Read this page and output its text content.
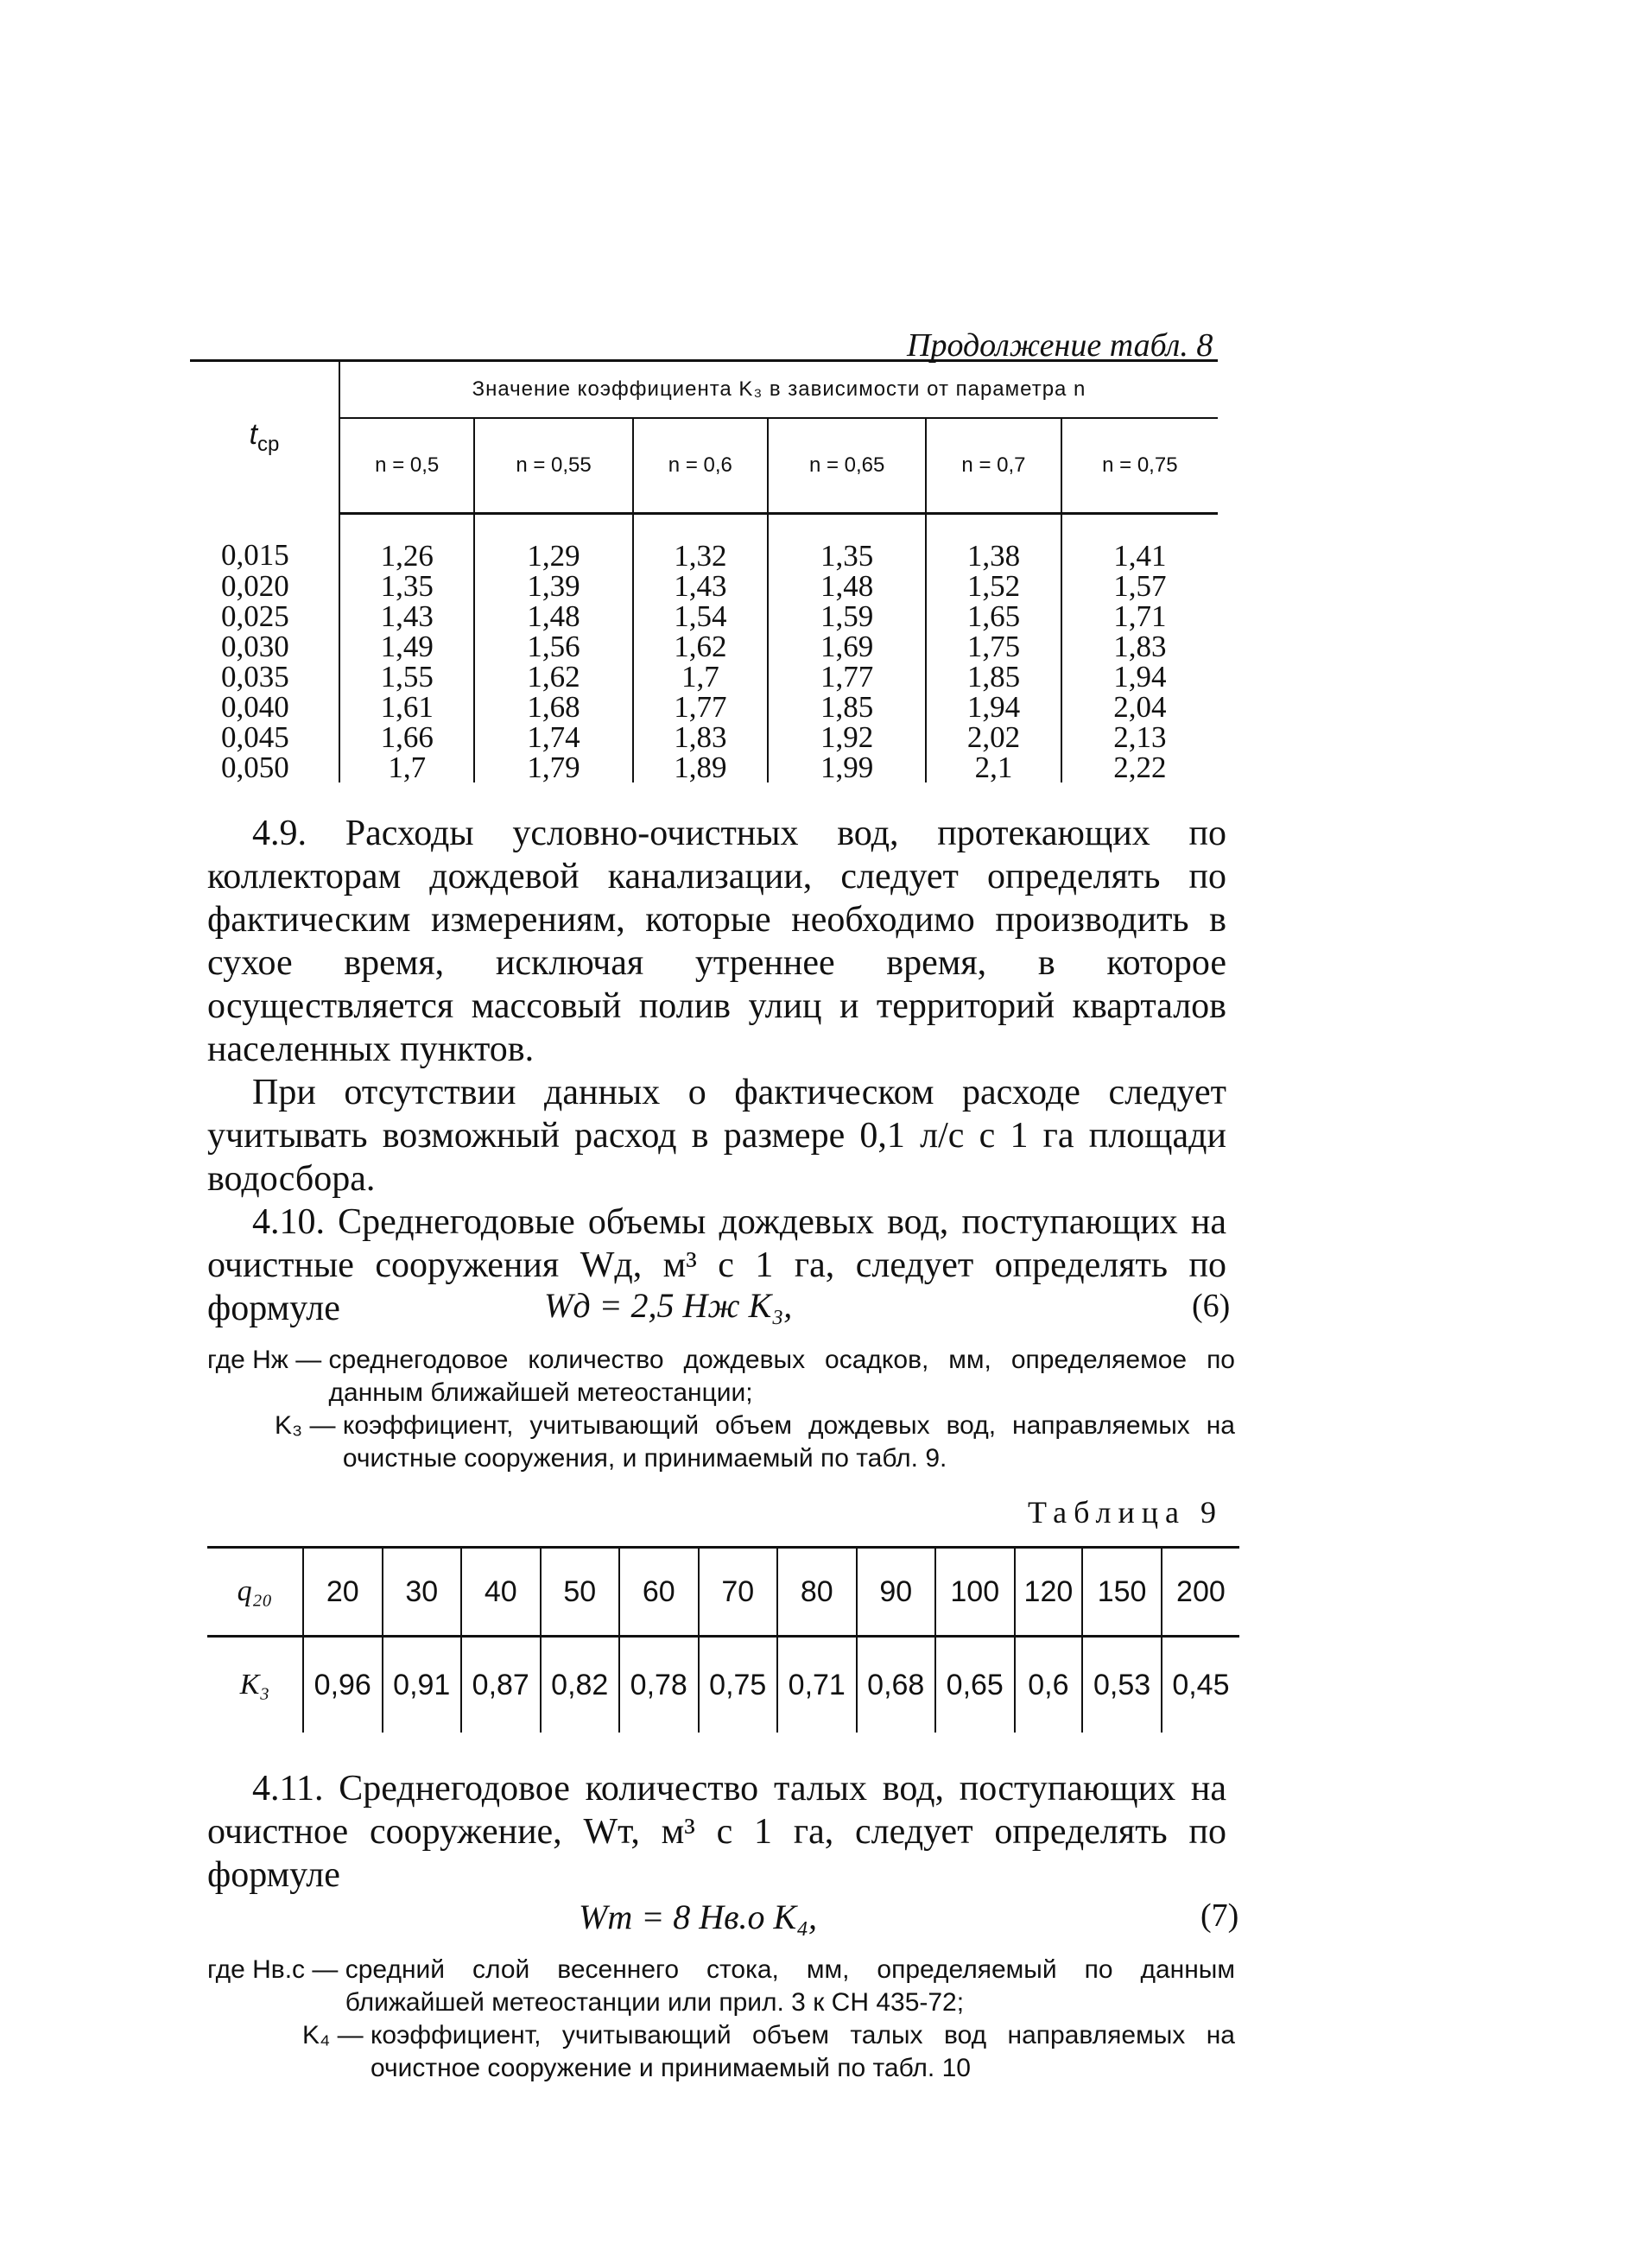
Продолжение табл. 8
$t_{ср}$	Значение коэффициента K₃ в зависимости от параметра n					
	n = 0,5	n = 0,55	n = 0,6	n = 0,65	n = 0,7	n = 0,75
0,015	1,26	1,29	1,32	1,35	1,38	1,41
0,020	1,35	1,39	1,43	1,48	1,52	1,57
0,025	1,43	1,48	1,54	1,59	1,65	1,71
0,030	1,49	1,56	1,62	1,69	1,75	1,83
0,035	1,55	1,62	1,7	1,77	1,85	1,94
0,040	1,61	1,68	1,77	1,85	1,94	2,04
0,045	1,66	1,74	1,83	1,92	2,02	2,13
0,050	1,7	1,79	1,89	1,99	2,1	2,22

4.9. Расходы условно-очистных вод, протекающих по коллекторам дождевой канализации, следует определять по фактическим измерениям, которые необходимо производить в сухое время, исключая утреннее время, в которое осуществляется массовый полив улиц и территорий кварталов населенных пунктов.

При отсутствии данных о фактическом расходе следует учитывать возможный расход в размере 0,1 л/с с 1 га площади водосбора.

4.10. Среднегодовые объемы дождевых вод, поступающих на очистные сооружения Wд, м³ с 1 га, следует определять по формуле	Wд = 2,5 Hж K₃,	(6)
где Hж — среднегодовое количество дождевых осадков, мм, определяемое по данным ближайшей метеостанции;
K₃ — коэффициент, учитывающий объем дождевых вод, направляемых на очистные сооружения, и принимаемый по табл. 9.
Таблица 9
q₂₀	20	30	40	50	60	70	80	90	100	120	150	200
K₃	0,96	0,91	0,87	0,82	0,78	0,75	0,71	0,68	0,65	0,6	0,53	0,45

4.11. Среднегодовое количество талых вод, поступающих на очистное сооружение, Wт, м³ с 1 га, следует определять по формуле

Wт = 8 Hв.о K₄,	(7)
где Hв.с — средний слой весеннего стока, мм, определяемый по данным ближайшей метеостанции или прил. 3 к СН 435-72;
K₄ — коэффициент, учитывающий объем талых вод направляемых на очистное сооружение и принимаемый по табл. 10
